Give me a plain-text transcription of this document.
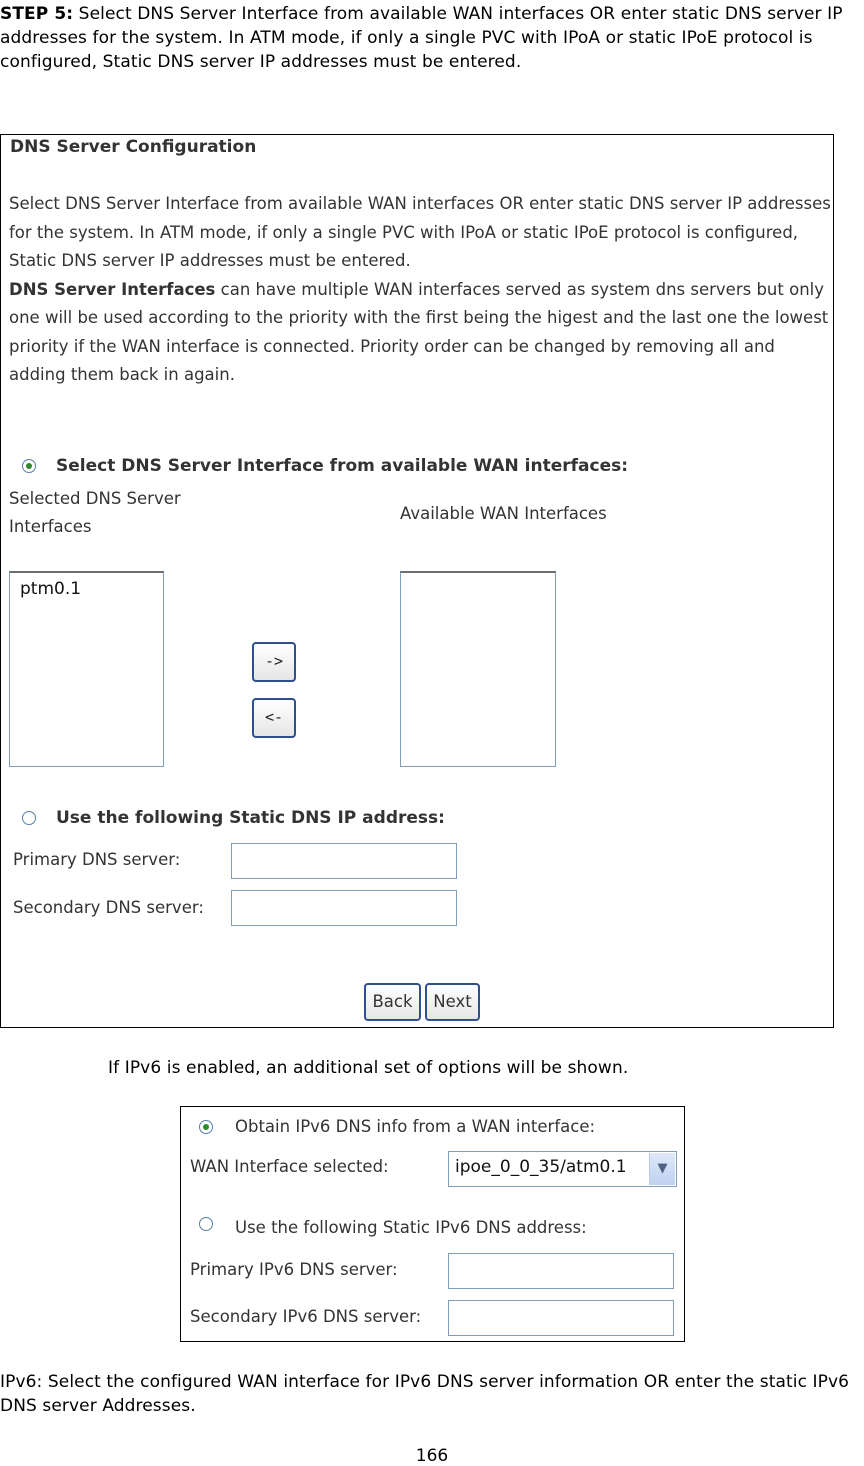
STEP 5: Select DNS Server Interface from available WAN interfaces OR enter static DNS server IP addresses for the system. In ATM mode, if only a single PVC with IPoA or static IPoE protocol is configured, Static DNS server IP addresses must be entered.
DNS Server Configuration
Select DNS Server Interface from available WAN interfaces OR enter static DNS server IP addresses for the system. In ATM mode, if only a single PVC with IPoA or static IPoE protocol is configured, Static DNS server IP addresses must be entered.
DNS Server Interfaces can have multiple WAN interfaces served as system dns servers but only one will be used according to the priority with the first being the higest and the last one the lowest priority if the WAN interface is connected. Priority order can be changed by removing all and adding them back in again.
Select DNS Server Interface from available WAN interfaces:
Selected DNS Server
Interfaces
Available WAN Interfaces
ptm0.1
->
<-
Use the following Static DNS IP address:
Primary DNS server:
Secondary DNS server:
Back	Next
If IPv6 is enabled, an additional set of options will be shown.
Obtain IPv6 DNS info from a WAN interface:
WAN Interface selected:	ipoe_0_0_35/atm0.1	▼
Use the following Static IPv6 DNS address:
Primary IPv6 DNS server:
Secondary IPv6 DNS server:
IPv6: Select the configured WAN interface for IPv6 DNS server information OR enter the static IPv6 DNS server Addresses.
166
